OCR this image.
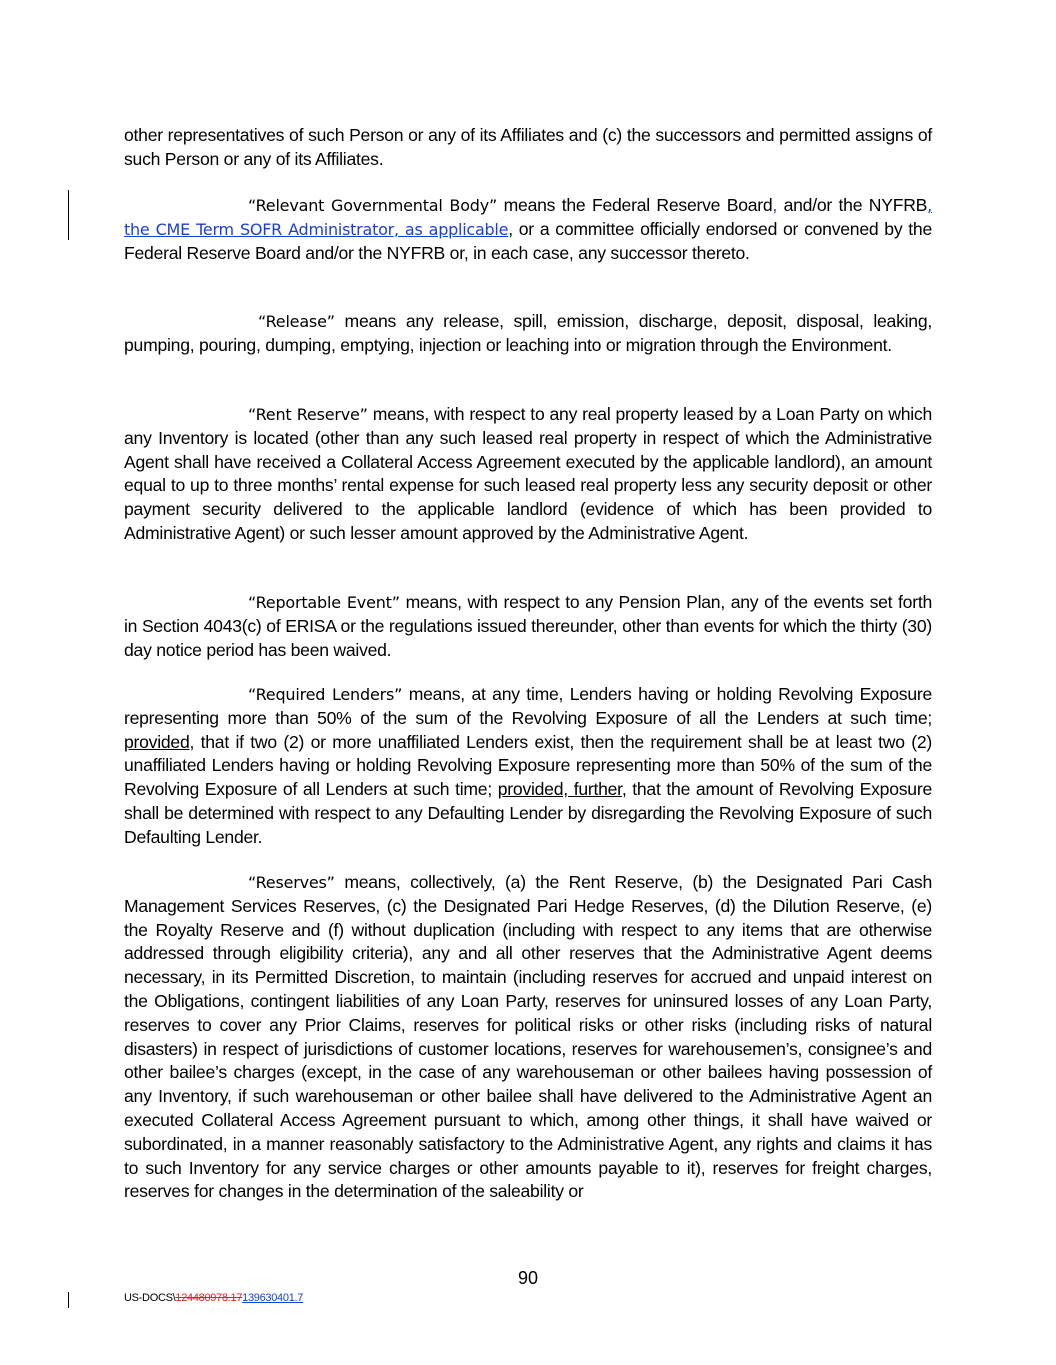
other representatives of such Person or any of its Affiliates and (c) the successors and permitted assigns of such Person or any of its Affiliates.

“Relevant Governmental Body” means the Federal Reserve Board, and/or the NYFRB, the CME Term SOFR Administrator, as applicable, or a committee officially endorsed or convened by the Federal Reserve Board and/or the NYFRB or, in each case, any successor thereto.

“Release” means any release, spill, emission, discharge, deposit, disposal, leaking, pumping, pouring, dumping, emptying, injection or leaching into or migration through the Environment.

“Rent Reserve” means, with respect to any real property leased by a Loan Party on which any Inventory is located (other than any such leased real property in respect of which the Administrative Agent shall have received a Collateral Access Agreement executed by the applicable landlord), an amount equal to up to three months’ rental expense for such leased real property less any security deposit or other payment security delivered to the applicable landlord (evidence of which has been provided to Administrative Agent) or such lesser amount approved by the Administrative Agent.

“Reportable Event” means, with respect to any Pension Plan, any of the events set forth in Section 4043(c) of ERISA or the regulations issued thereunder, other than events for which the thirty (30) day notice period has been waived.

“Required Lenders” means, at any time, Lenders having or holding Revolving Exposure representing more than 50% of the sum of the Revolving Exposure of all the Lenders at such time; provided, that if two (2) or more unaffiliated Lenders exist, then the requirement shall be at least two (2) unaffiliated Lenders having or holding Revolving Exposure representing more than 50% of the sum of the Revolving Exposure of all Lenders at such time; provided, further, that the amount of Revolving Exposure shall be determined with respect to any Defaulting Lender by disregarding the Revolving Exposure of such Defaulting Lender.

“Reserves” means, collectively, (a) the Rent Reserve, (b) the Designated Pari Cash Management Services Reserves, (c) the Designated Pari Hedge Reserves, (d) the Dilution Reserve, (e) the Royalty Reserve and (f) without duplication (including with respect to any items that are otherwise addressed through eligibility criteria), any and all other reserves that the Administrative Agent deems necessary, in its Permitted Discretion, to maintain (including reserves for accrued and unpaid interest on the Obligations, contingent liabilities of any Loan Party, reserves for uninsured losses of any Loan Party, reserves to cover any Prior Claims, reserves for political risks or other risks (including risks of natural disasters) in respect of jurisdictions of customer locations, reserves for warehousemen’s, consignee’s and other bailee’s charges (except, in the case of any warehouseman or other bailees having possession of any Inventory, if such warehouseman or other bailee shall have delivered to the Administrative Agent an executed Collateral Access Agreement pursuant to which, among other things, it shall have waived or subordinated, in a manner reasonably satisfactory to the Administrative Agent, any rights and claims it has to such Inventory for any service charges or other amounts payable to it), reserves for freight charges, reserves for changes in the determination of the saleability or

90
US-DOCS\124480978.17139630401.7
